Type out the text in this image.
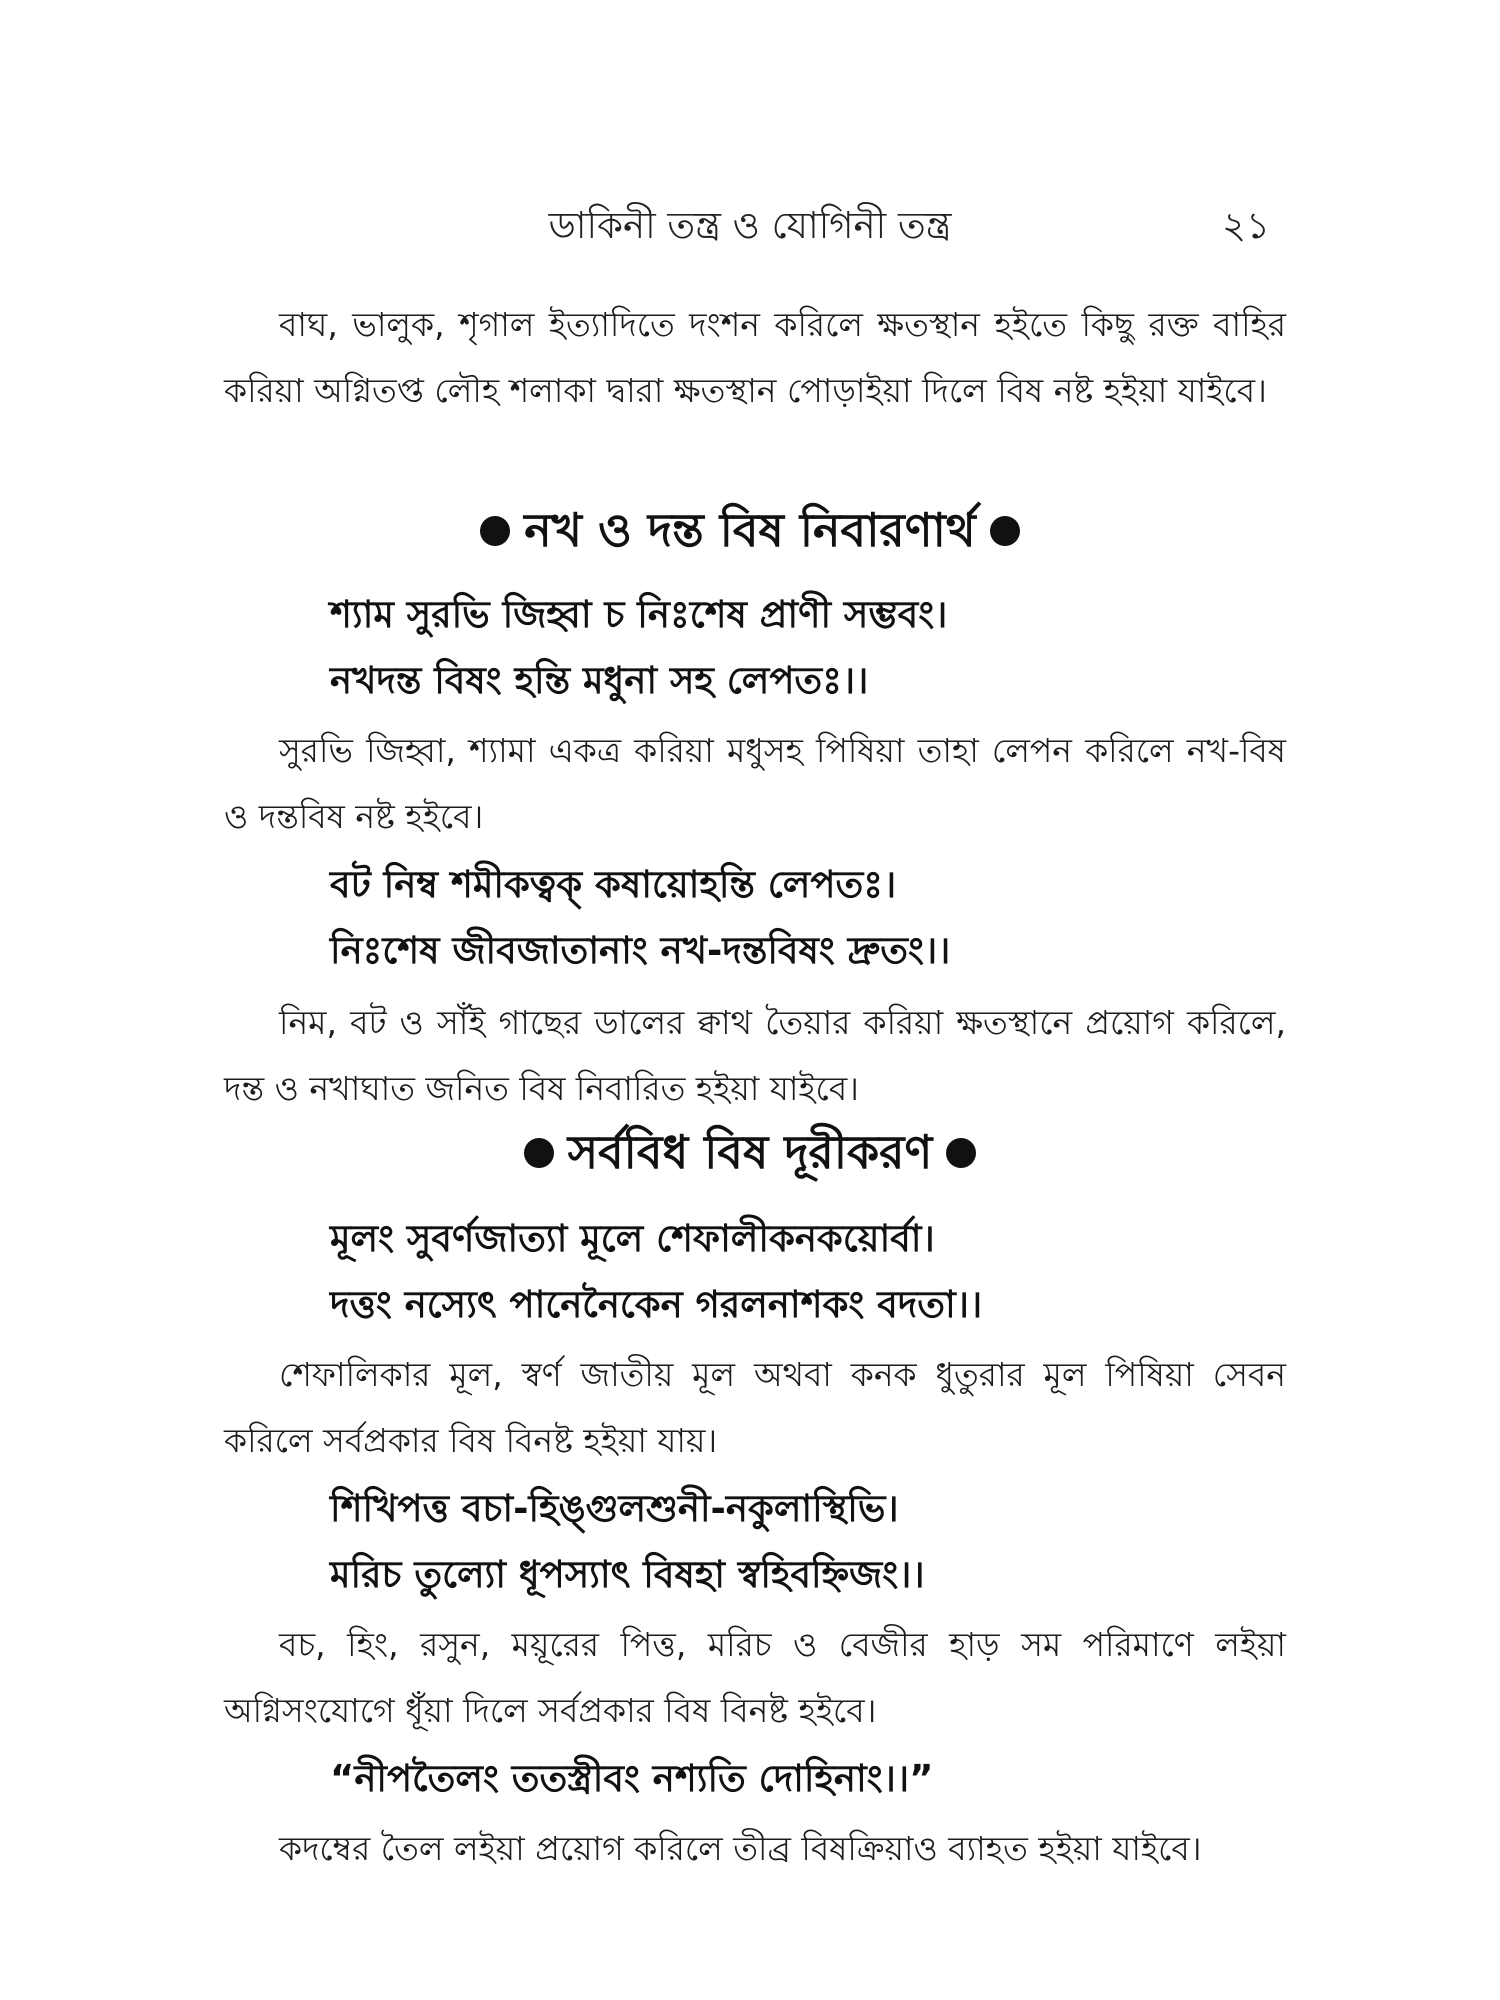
ডাকিনী তন্ত্র ও যোগিনী তন্ত্র	২১
বাঘ, ভালুক, শৃগাল ইত্যাদিতে দংশন করিলে ক্ষতস্থান হইতে কিছু রক্ত বাহির করিয়া অগ্নিতপ্ত লৌহ শলাকা দ্বারা ক্ষতস্থান পোড়াইয়া দিলে বিষ নষ্ট হইয়া যাইবে।
নখ ও দন্ত বিষ নিবারণার্থ
শ্যাম সুরভি জিহ্বা চ নিঃশেষ প্রাণী সম্ভবং।
নখদন্ত বিষং হন্তি মধুনা সহ লেপতঃ।।
সুরভি জিহ্বা, শ্যামা একত্র করিয়া মধুসহ পিষিয়া তাহা লেপন করিলে নখ-বিষ ও দন্তবিষ নষ্ট হইবে।
বট নিম্ব শমীকত্বক্ কষায়োহন্তি লেপতঃ।
নিঃশেষ জীবজাতানাং নখ-দন্তবিষং দ্রুতং।।
নিম, বট ও সাঁই গাছের ডালের ক্বাথ তৈয়ার করিয়া ক্ষতস্থানে প্রয়োগ করিলে, দন্ত ও নখাঘাত জনিত বিষ নিবারিত হইয়া যাইবে।
সর্ববিধ বিষ দূরীকরণ
মূলং সুবর্ণজাত্যা মূলে শেফালীকনকয়োর্বা।
দত্তং নস্যেৎ পানেনৈকেন গরলনাশকং বদতা।।
শেফালিকার মূল, স্বর্ণ জাতীয় মূল অথবা কনক ধুতুরার মূল পিষিয়া সেবন করিলে সর্বপ্রকার বিষ বিনষ্ট হইয়া যায়।
শিখিপত্ত বচা-হিঙ্গুলশুনী-নকুলাস্থিভি।
মরিচ তুল্যো ধূপস্যাৎ বিষহা স্বহিবহ্নিজং।।
বচ, হিং, রসুন, ময়ূরের পিত্ত, মরিচ ও বেজীর হাড় সম পরিমাণে লইয়া অগ্নিসংযোগে ধূঁয়া দিলে সর্বপ্রকার বিষ বিনষ্ট হইবে।
“নীপতৈলং ততস্ত্রীবং নশ্যতি দোহিনাং।।”
কদম্বের তৈল লইয়া প্রয়োগ করিলে তীব্র বিষক্রিয়াও ব্যাহত হইয়া যাইবে।
